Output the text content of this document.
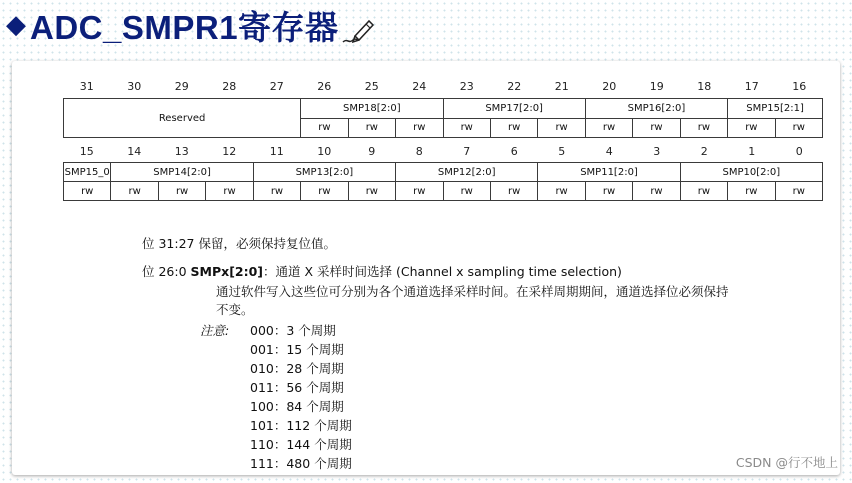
◆ ADC_SMPR1寄存器
31	30	29	28	27	26	25	24	23	22	21	20	19	18	17	16
Reserved	SMP18[2:0]			SMP17[2:0]			SMP16[2:0]			SMP15[2:1]	
	rw	rw	rw	rw	rw	rw	rw	rw	rw	rw	rw
15	14	13	12	11	10	9	8	7	6	5	4	3	2	1	0
SMP15_0	SMP14[2:0]			SMP13[2:0]			SMP12[2:0]			SMP11[2:0]			SMP10[2:0]		
rw	rw	rw	rw	rw	rw	rw	rw	rw	rw	rw	rw	rw	rw	rw	rw
位 31:27 保留，必须保持复位值。
位 26:0 SMPx[2:0]：通道 X 采样时间选择 (Channel x sampling time selection)
通过软件写入这些位可分别为各个通道选择采样时间。在采样周期期间，通道选择位必须保持
不变。
注意: 000：3 个周期
001：15 个周期
010：28 个周期
011：56 个周期
100：84 个周期
101：112 个周期
110：144 个周期
111：480 个周期	CSDN @行不地上
